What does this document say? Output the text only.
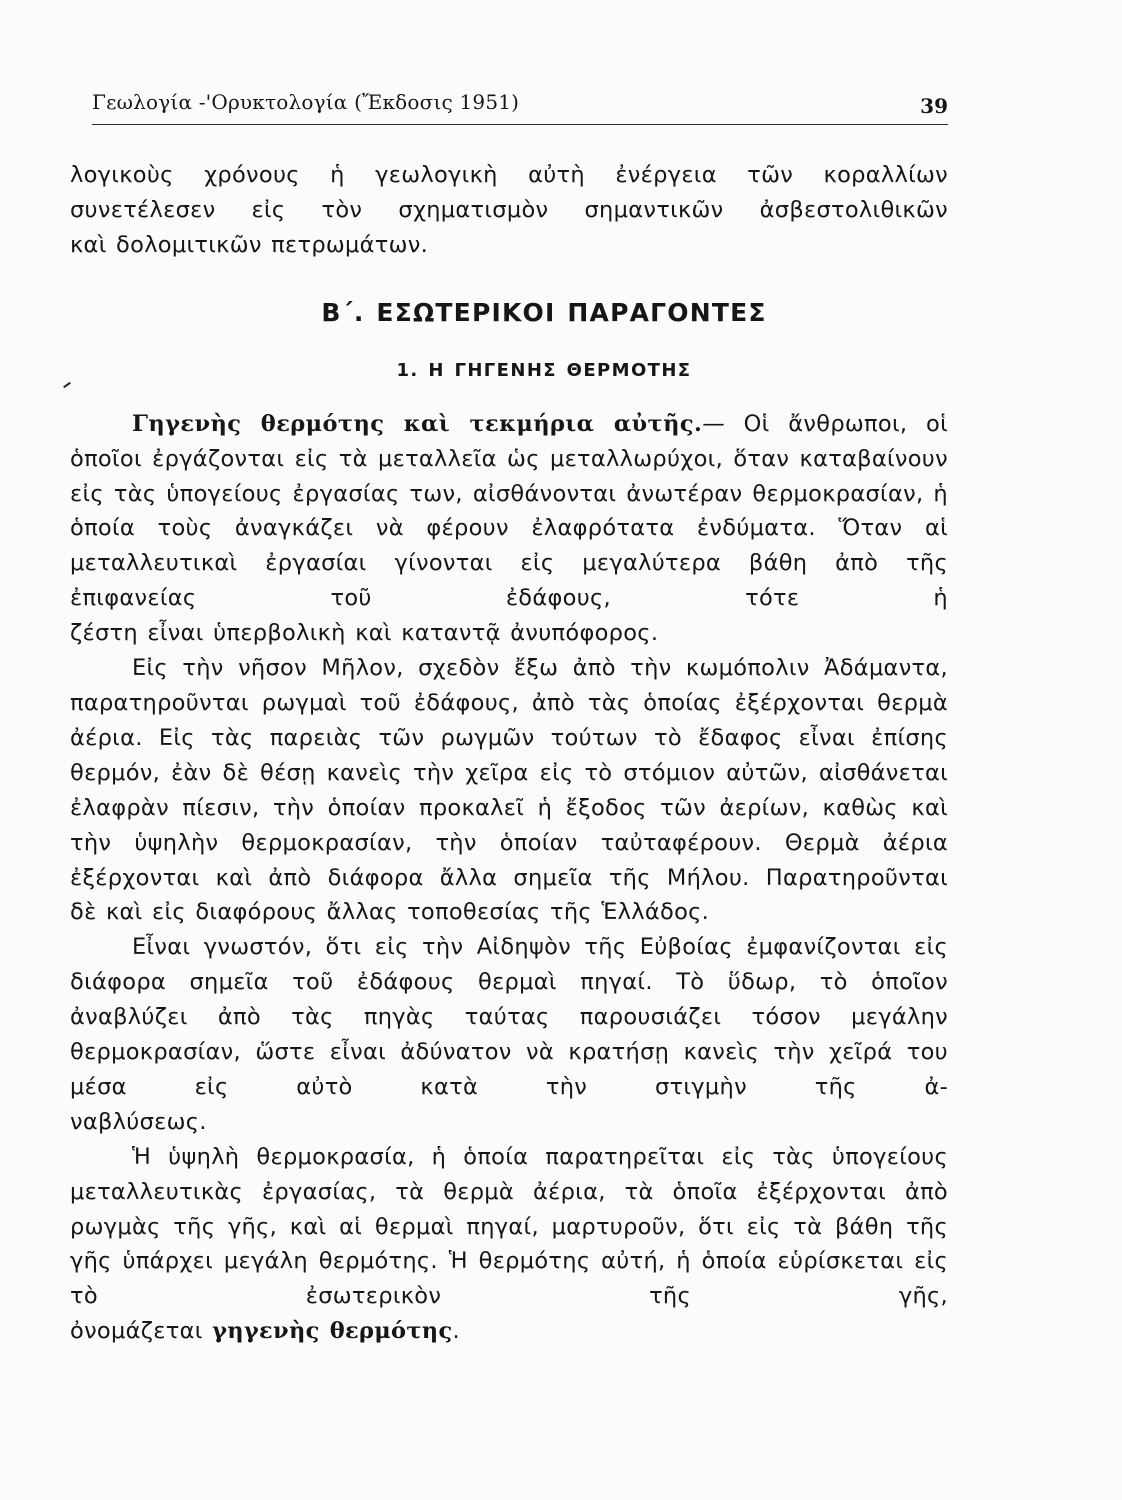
Γεωλογία -'Ορυκτολογία (Ἔκδοσις 1951)	39

λογικοὺς χρόνους ἡ γεωλογικὴ αὐτὴ ἐνέργεια τῶν κοραλλίων συνετέλεσεν εἰς τὸν σχηματισμὸν σημαντικῶν ἀσβεστολιθικῶν

καὶ δολομιτικῶν πετρωμάτων.

Β΄. ΕΣΩΤΕΡΙΚΟΙ ΠΑΡΑΓΟΝΤΕΣ
1. Η ΓΗΓΕΝΗΣ ΘΕΡΜΟΤΗΣ

Γηγενὴς θερμότης καὶ τεκμήρια αὐτῆς.— Οἱ ἄνθρωποι, οἱ ὁποῖοι ἐργάζονται εἰς τὰ μεταλλεῖα ὡς μεταλλωρύχοι, ὅταν καταβαίνουν εἰς τὰς ὑπογείους ἐργασίας των, αἰσθάνονται ἀνωτέραν θερμοκρασίαν, ἡ ὁποία τοὺς ἀναγκάζει νὰ φέρουν ἐλαφρότατα ἐνδύματα. Ὅταν αἱ μεταλλευτικαὶ ἐργασίαι γίνονται εἰς μεγαλύτερα βάθη ἀπὸ τῆς ἐπιφανείας τοῦ ἐδάφους, τότε ἡ

ζέστη εἶναι ὑπερβολικὴ καὶ καταντᾷ ἀνυπόφορος.

Εἰς τὴν νῆσον Μῆλον, σχεδὸν ἔξω ἀπὸ τὴν κωμόπολιν Ἀδάμαντα, παρατηροῦνται ρωγμαὶ τοῦ ἐδάφους, ἀπὸ τὰς ὁποίας ἐξέρχονται θερμὰ ἀέρια. Εἰς τὰς παρειὰς τῶν ρωγμῶν τούτων τὸ ἔδαφος εἶναι ἐπίσης θερμόν, ἐὰν δὲ θέσῃ κανεὶς τὴν χεῖρα εἰς τὸ στόμιον αὐτῶν, αἰσθάνεται ἐλαφρὰν πίεσιν, τὴν ὁποίαν προκαλεῖ ἡ ἔξοδος τῶν ἀερίων, καθὼς καὶ τὴν ὑψηλὴν θερμοκρασίαν, τὴν ὁποίαν ταὐταφέρουν. Θερμὰ ἀέρια ἐξέρχονται καὶ ἀπὸ διάφορα ἄλλα σημεῖα τῆς Μήλου. Παρατηροῦνται

δὲ καὶ εἰς διαφόρους ἄλλας τοποθεσίας τῆς Ἑλλάδος.

Εἶναι γνωστόν, ὅτι εἰς τὴν Αἰδηψὸν τῆς Εὐβοίας ἐμφανίζονται εἰς διάφορα σημεῖα τοῦ ἐδάφους θερμαὶ πηγαί. Τὸ ὕδωρ, τὸ ὁποῖον ἀναβλύζει ἀπὸ τὰς πηγὰς ταύτας παρουσιάζει τόσον μεγάλην θερμοκρασίαν, ὥστε εἶναι ἀδύνατον νὰ κρατήσῃ κανεὶς τὴν χεῖρά του μέσα εἰς αὐτὸ κατὰ τὴν στιγμὴν τῆς ἀ-

ναβλύσεως.

Ἡ ὑψηλὴ θερμοκρασία, ἡ ὁποία παρατηρεῖται εἰς τὰς ὑπογείους μεταλλευτικὰς ἐργασίας, τὰ θερμὰ ἀέρια, τὰ ὁποῖα ἐξέρχονται ἀπὸ ρωγμὰς τῆς γῆς, καὶ αἱ θερμαὶ πηγαί, μαρτυροῦν, ὅτι εἰς τὰ βάθη τῆς γῆς ὑπάρχει μεγάλη θερμότης. Ἡ θερμότης αὐτή, ἡ ὁποία εὑρίσκεται εἰς τὸ ἐσωτερικὸν τῆς γῆς,

ὀνομάζεται γηγενὴς θερμότης.
